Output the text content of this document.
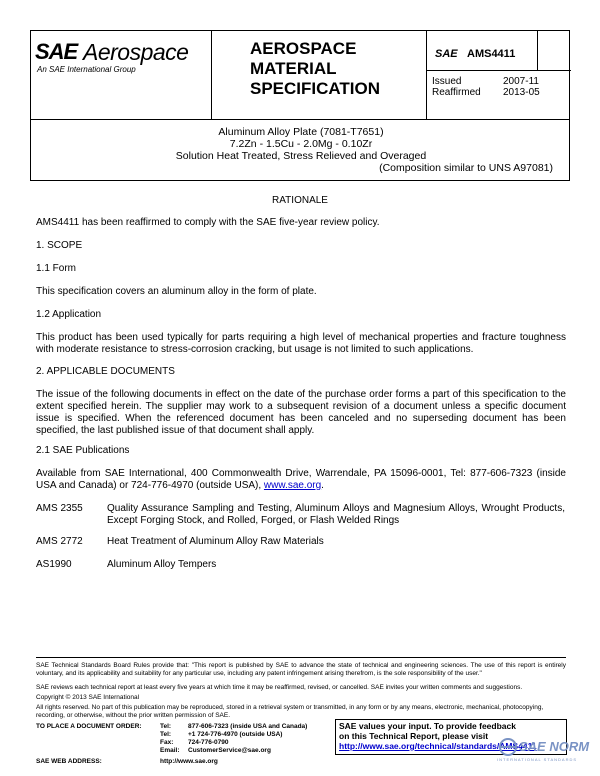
SAE Aerospace
An SAE International Group
AEROSPACE
MATERIAL
SPECIFICATION
SAE AMS4411
Issued	2007-11
Reaffirmed 2013-05
Aluminum Alloy Plate (7081-T7651)
7.2Zn - 1.5Cu - 2.0Mg - 0.10Zr
Solution Heat Treated, Stress Relieved and Overaged
(Composition similar to UNS A97081)
RATIONALE
AMS4411 has been reaffirmed to comply with the SAE five-year review policy.
1. SCOPE
1.1 Form
This specification covers an aluminum alloy in the form of plate.
1.2 Application
This product has been used typically for parts requiring a high level of mechanical properties and fracture toughness with moderate resistance to stress-corrosion cracking, but usage is not limited to such applications.
2. APPLICABLE DOCUMENTS
The issue of the following documents in effect on the date of the purchase order forms a part of this specification to the extent specified herein. The supplier may work to a subsequent revision of a document unless a specific document issue is specified. When the referenced document has been canceled and no superseding document has been specified, the last published issue of that document shall apply.
2.1 SAE Publications
Available from SAE International, 400 Commonwealth Drive, Warrendale, PA 15096-0001, Tel: 877-606-7323 (inside USA and Canada) or 724-776-4970 (outside USA), www.sae.org.
AMS 2355 Quality Assurance Sampling and Testing, Aluminum Alloys and Magnesium Alloys, Wrought Products, Except Forging Stock, and Rolled, Forged, or Flash Welded Rings
AMS 2772 Heat Treatment of Aluminum Alloy Raw Materials
AS1990	Aluminum Alloy Tempers
SAE Technical Standards Board Rules provide that: "This report is published by SAE to advance the state of technical and engineering sciences. The use of this report is entirely voluntary, and its applicability and suitability for any particular use, including any patent infringement arising therefrom, is the sole responsibility of the user."
SAE reviews each technical report at least every five years at which time it may be reaffirmed, revised, or cancelled. SAE invites your written comments and suggestions.
Copyright © 2013 SAE International
All rights reserved. No part of this publication may be reproduced, stored in a retrieval system or transmitted, in any form or by any means, electronic, mechanical, photocopying, recording, or otherwise, without the prior written permission of SAE.
TO PLACE A DOCUMENT ORDER:	Tel:	877-606-7323 (inside USA and Canada)
Tel:	+1 724-776-4970 (outside USA)
Fax: 724-776-0790
Email: CustomerService@sae.org
SAE WEB ADDRESS:	http://www.sae.org
SAE values your input. To provide feedback
on this Technical Report, please visit
http://www.sae.org/technical/standards/AMS4411
SAE NORM
INTERNATIONAL STANDARDS
